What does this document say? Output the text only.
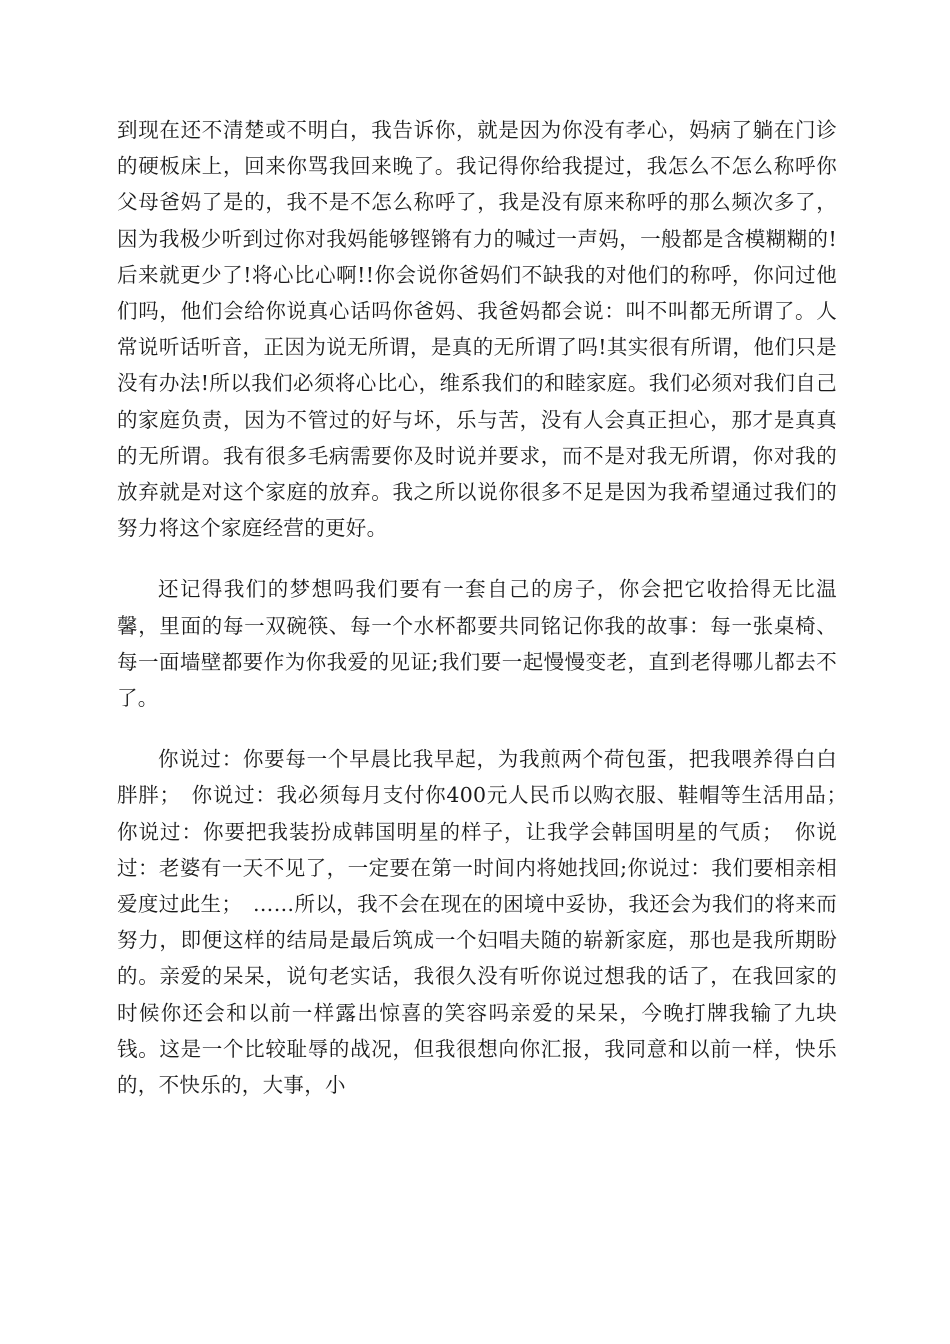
到现在还不清楚或不明白，我告诉你，就是因为你没有孝心，妈病了躺在门诊的硬板床上，回来你骂我回来晚了。我记得你给我提过，我怎么不怎么称呼你父母爸妈了是的，我不是不怎么称呼了，我是没有原来称呼的那么频次多了，因为我极少听到过你对我妈能够铿锵有力的喊过一声妈，一般都是含模糊糊的!后来就更少了!将心比心啊!!你会说你爸妈们不缺我的对他们的称呼，你问过他们吗，他们会给你说真心话吗你爸妈、我爸妈都会说：叫不叫都无所谓了。人常说听话听音，正因为说无所谓，是真的无所谓了吗!其实很有所谓，他们只是没有办法!所以我们必须将心比心，维系我们的和睦家庭。我们必须对我们自己的家庭负责，因为不管过的好与坏，乐与苦，没有人会真正担心，那才是真真的无所谓。我有很多毛病需要你及时说并要求，而不是对我无所谓，你对我的放弃就是对这个家庭的放弃。我之所以说你很多不足是因为我希望通过我们的努力将这个家庭经营的更好。

还记得我们的梦想吗我们要有一套自己的房子，你会把它收拾得无比温馨，里面的每一双碗筷、每一个水杯都要共同铭记你我的故事：每一张桌椅、每一面墙壁都要作为你我爱的见证;我们要一起慢慢变老，直到老得哪儿都去不了。

你说过：你要每一个早晨比我早起，为我煎两个荷包蛋，把我喂养得白白胖胖；　你说过：我必须每月支付你400元人民币以购衣服、鞋帽等生活用品；　你说过：你要把我装扮成韩国明星的样子，让我学会韩国明星的气质；　你说过：老婆有一天不见了，一定要在第一时间内将她找回;你说过：我们要相亲相爱度过此生；　……所以，我不会在现在的困境中妥协，我还会为我们的将来而努力，即便这样的结局是最后筑成一个妇唱夫随的崭新家庭，那也是我所期盼的。亲爱的呆呆，说句老实话，我很久没有听你说过想我的话了，在我回家的时候你还会和以前一样露出惊喜的笑容吗亲爱的呆呆，今晚打牌我输了九块钱。这是一个比较耻辱的战况，但我很想向你汇报，我同意和以前一样，快乐的，不快乐的，大事，小
